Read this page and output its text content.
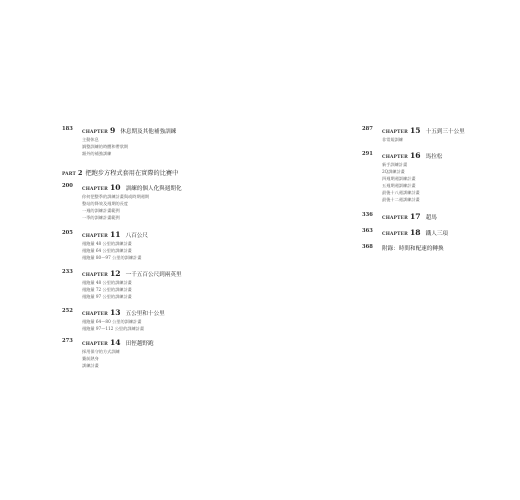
183
CHAPTER 9 休息期及其他補強訓練
主動休息
調整訓練的時體和帶狀期
額外的補強訓練
PART 2 把跑步方程式套用在實際的比賽中
200
CHAPTER 10 訓練的個人化與週期化
你何把整季的訓練計畫與或時期週期
整站的降效及週期的長度
一週的訓練計畫範例
一季的訓練計畫範例
205
CHAPTER 11 八百公尺
週跑量 48 公里的訓練計畫
週跑量 64 公里的訓練計畫
週跑量 80～97 公里的訓練計畫
233
CHAPTER 12 一千五百公尺到兩英里
週跑量 48 公里的訓練計畫
週跑量 72 公里的訓練計畫
週跑量 97 公里的訓練計畫
252
CHAPTER 13 五公里和十公里
週跑量 64～80 公里的訓練計畫
週跑量 97～112 公里的訓練計畫
273
CHAPTER 14 田徑越野跑
採用保守的方式訓練
賽前熱身
訓練計畫
287
CHAPTER 15 十五到三十公里
非常規訓練
291
CHAPTER 16 馬拉松
新手訓練計畫
2Q訓練計畫
四週期週訓練計畫
五週期週訓練計畫
最後十八週訓練計畫
最後十二週訓練計畫
336
CHAPTER 17 超馬
363
CHAPTER 18 鐵人三項
368 附錄：時間和配速的轉換
